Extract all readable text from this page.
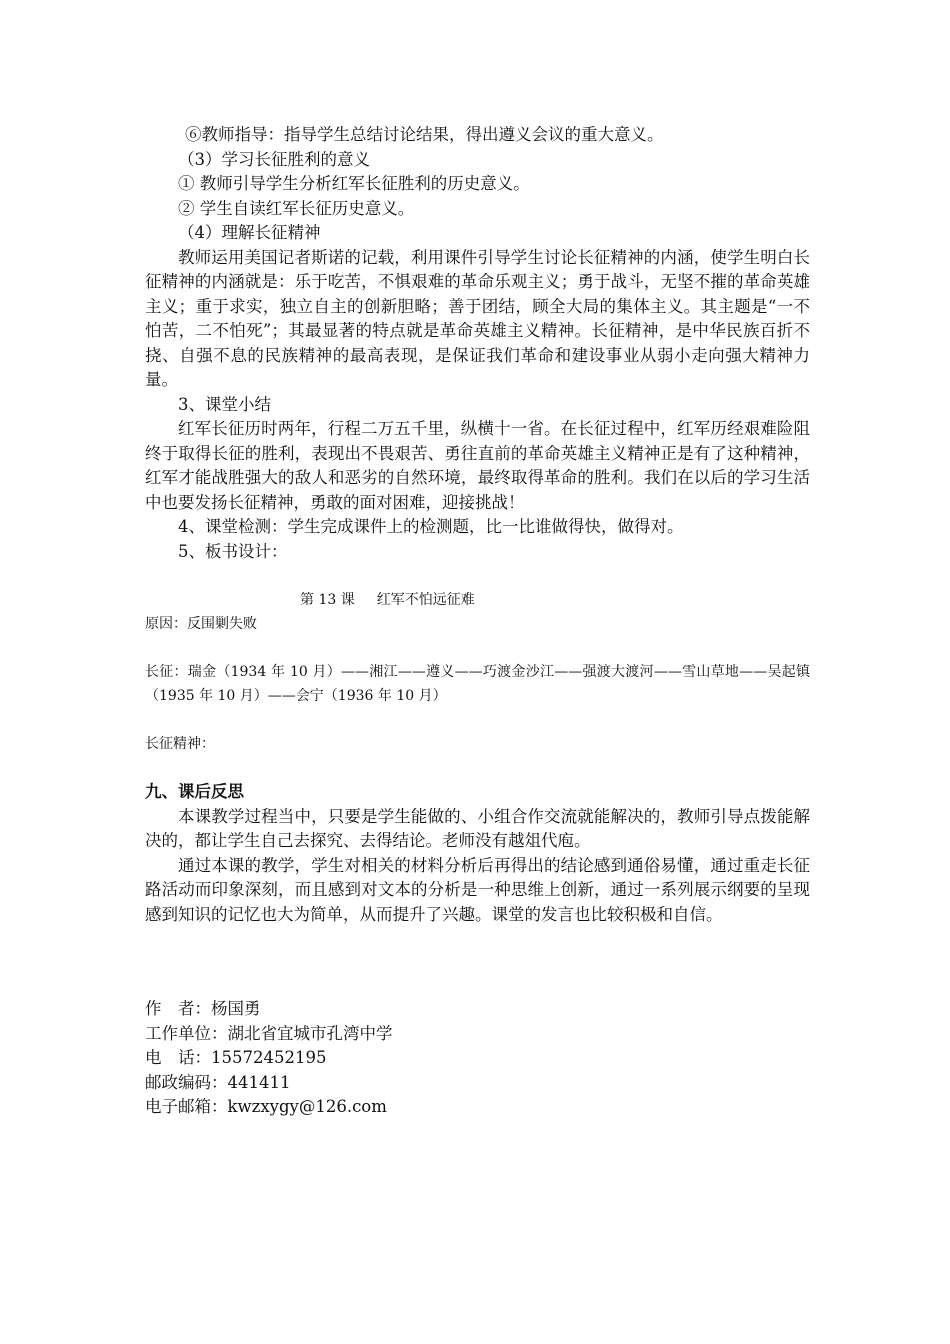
⑥教师指导：指导学生总结讨论结果，得出遵义会议的重大意义。

（3）学习长征胜利的意义

① 教师引导学生分析红军长征胜利的历史意义。

② 学生自读红军长征历史意义。

（4）理解长征精神

教师运用美国记者斯诺的记载，利用课件引导学生讨论长征精神的内涵，使学生明白长征精神的内涵就是：乐于吃苦，不惧艰难的革命乐观主义；勇于战斗，无坚不摧的革命英雄主义；重于求实，独立自主的创新胆略；善于团结，顾全大局的集体主义。其主题是“一不怕苦，二不怕死”；其最显著的特点就是革命英雄主义精神。长征精神，是中华民族百折不挠、自强不息的民族精神的最高表现，是保证我们革命和建设事业从弱小走向强大精神力量。

3、课堂小结

红军长征历时两年，行程二万五千里，纵横十一省。在长征过程中，红军历经艰难险阻终于取得长征的胜利，表现出不畏艰苦、勇往直前的革命英雄主义精神正是有了这种精神，红军才能战胜强大的敌人和恶劣的自然环境，最终取得革命的胜利。我们在以后的学习生活中也要发扬长征精神，勇敢的面对困难，迎接挑战！

4、课堂检测：学生完成课件上的检测题，比一比谁做得快，做得对。

5、板书设计：

第 13 课 红军不怕远征难

原因：反围剿失败

长征：瑞金（1934 年 10 月）——湘江——遵义——巧渡金沙江——强渡大渡河——雪山草地——吴起镇（1935 年 10 月）——会宁（1936 年 10 月）

长征精神：

九、课后反思

本课教学过程当中，只要是学生能做的、小组合作交流就能解决的，教师引导点拨能解决的，都让学生自己去探究、去得结论。老师没有越俎代庖。

通过本课的教学，学生对相关的材料分析后再得出的结论感到通俗易懂，通过重走长征路活动而印象深刻，而且感到对文本的分析是一种思维上创新，通过一系列展示纲要的呈现感到知识的记忆也大为简单，从而提升了兴趣。课堂的发言也比较积极和自信。

作　者：杨国勇

工作单位：湖北省宜城市孔湾中学

电　话：15572452195

邮政编码：441411

电子邮箱：kwzxygy@126.com
